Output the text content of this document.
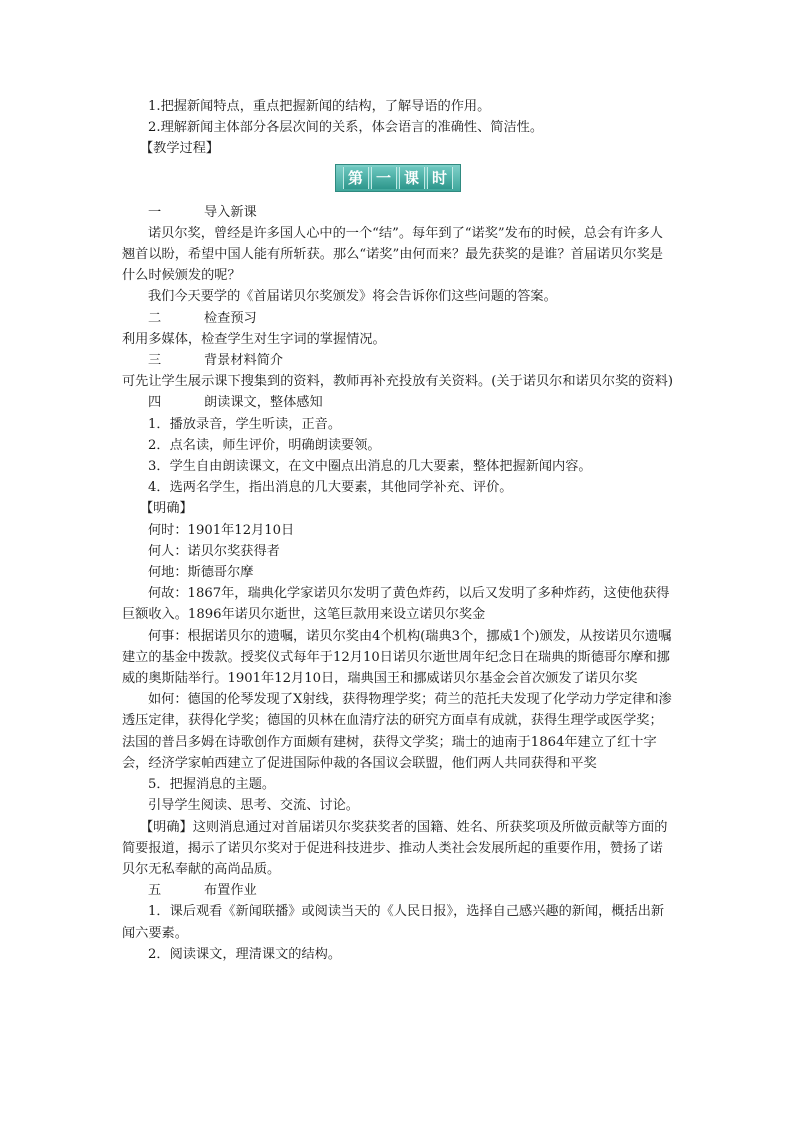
1.把握新闻特点，重点把握新闻的结构，了解导语的作用。

2.理解新闻主体部分各层次间的关系，体会语言的准确性、简洁性。

【教学过程】

第 一 课 时

一	导入新课

诺贝尔奖，曾经是许多国人心中的一个“结”。每年到了“诺奖”发布的时候，总会有许多人翘首以盼，希望中国人能有所斩获。那么“诺奖”由何而来？最先获奖的是谁？首届诺贝尔奖是什么时候颁发的呢？

我们今天要学的《首届诺贝尔奖颁发》将会告诉你们这些问题的答案。

二	检查预习

利用多媒体，检查学生对生字词的掌握情况。

三	背景材料简介

可先让学生展示课下搜集到的资料，教师再补充投放有关资料。(关于诺贝尔和诺贝尔奖的资料)

四	朗读课文，整体感知

1．播放录音，学生听读，正音。

2．点名读，师生评价，明确朗读要领。

3．学生自由朗读课文，在文中圈点出消息的几大要素，整体把握新闻内容。

4．选两名学生，指出消息的几大要素，其他同学补充、评价。

【明确】

何时：1901年12月10日

何人：诺贝尔奖获得者

何地：斯德哥尔摩

何故：1867年，瑞典化学家诺贝尔发明了黄色炸药，以后又发明了多种炸药，这使他获得巨额收入。1896年诺贝尔逝世，这笔巨款用来设立诺贝尔奖金

何事：根据诺贝尔的遗嘱，诺贝尔奖由4个机构(瑞典3个，挪威1个)颁发，从按诺贝尔遗嘱建立的基金中拨款。授奖仪式每年于12月10日诺贝尔逝世周年纪念日在瑞典的斯德哥尔摩和挪威的奥斯陆举行。1901年12月10日，瑞典国王和挪威诺贝尔基金会首次颁发了诺贝尔奖

如何：德国的伦琴发现了X射线，获得物理学奖；荷兰的范托夫发现了化学动力学定律和渗透压定律，获得化学奖；德国的贝林在血清疗法的研究方面卓有成就，获得生理学或医学奖；法国的普吕多姆在诗歌创作方面颇有建树，获得文学奖；瑞士的迪南于1864年建立了红十字会，经济学家帕西建立了促进国际仲裁的各国议会联盟，他们两人共同获得和平奖

5．把握消息的主题。

引导学生阅读、思考、交流、讨论。

【明确】这则消息通过对首届诺贝尔奖获奖者的国籍、姓名、所获奖项及所做贡献等方面的简要报道，揭示了诺贝尔奖对于促进科技进步、推动人类社会发展所起的重要作用，赞扬了诺贝尔无私奉献的高尚品质。

五	布置作业

1．课后观看《新闻联播》或阅读当天的《人民日报》，选择自己感兴趣的新闻，概括出新闻六要素。

2．阅读课文，理清课文的结构。
